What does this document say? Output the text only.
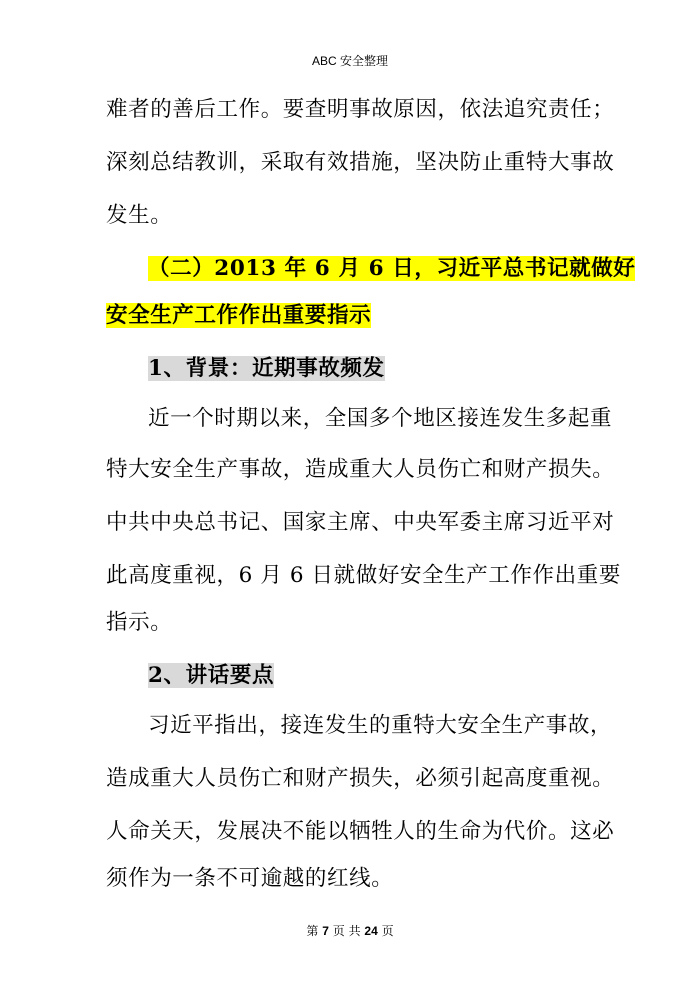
ABC 安全整理
难者的善后工作。要查明事故原因，依法追究责任；
深刻总结教训，采取有效措施，坚决防止重特大事故
发生。
（二）2013 年 6 月 6 日，习近平总书记就做好
安全生产工作作出重要指示
1、背景：近期事故频发
近一个时期以来，全国多个地区接连发生多起重
特大安全生产事故，造成重大人员伤亡和财产损失。
中共中央总书记、国家主席、中央军委主席习近平对
此高度重视，6 月 6 日就做好安全生产工作作出重要
指示。
2、讲话要点
习近平指出，接连发生的重特大安全生产事故，
造成重大人员伤亡和财产损失，必须引起高度重视。
人命关天，发展决不能以牺牲人的生命为代价。这必
须作为一条不可逾越的红线。
第 7 页 共 24 页
